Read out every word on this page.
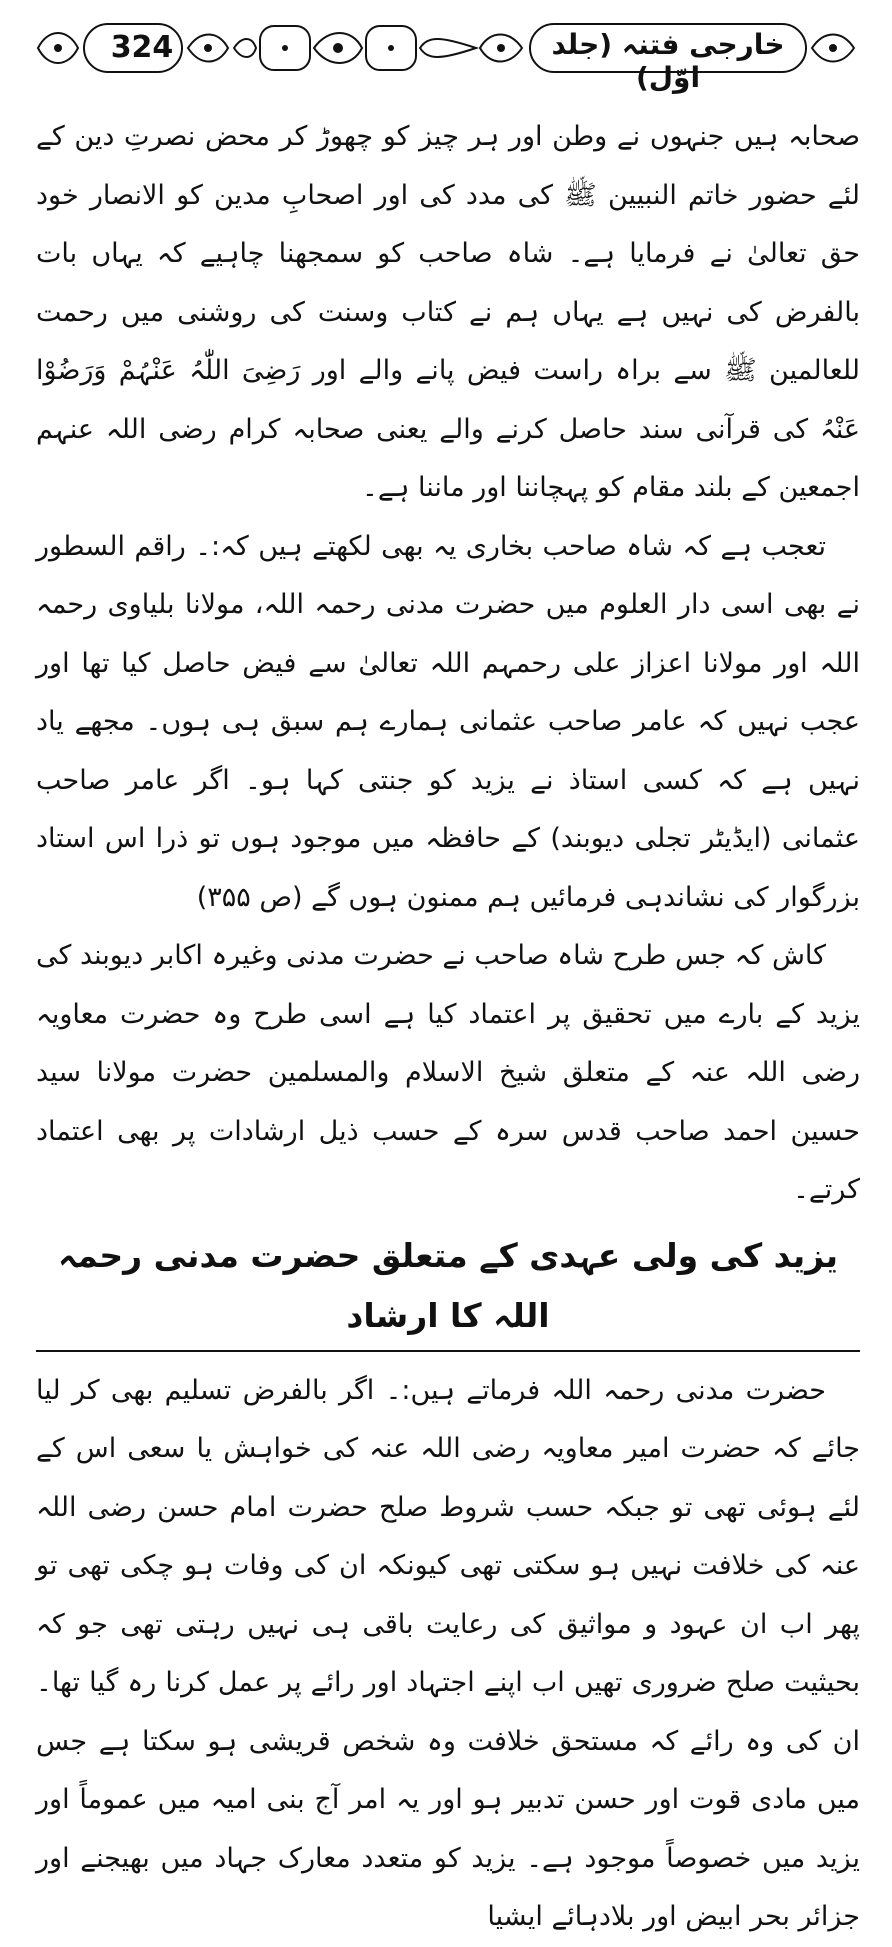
324	خارجی فتنہ (جلد اوّل)

صحابہ ہیں جنہوں نے وطن اور ہر چیز کو چھوڑ کر محض نصرتِ دین کے لئے حضور خاتم النبیین ﷺ کی مدد کی اور اصحابِ مدین کو الانصار خود حق تعالیٰ نے فرمایا ہے۔ شاہ صاحب کو سمجھنا چاہیے کہ یہاں بات بالفرض کی نہیں ہے یہاں ہم نے کتاب وسنت کی روشنی میں رحمت للعالمین ﷺ سے براہ راست فیض پانے والے اور رَضِیَ اللّٰہُ عَنْہُمْ وَرَضُوْا عَنْہُ کی قرآنی سند حاصل کرنے والے یعنی صحابہ کرام رضی اللہ عنہم اجمعین کے بلند مقام کو پہچاننا اور ماننا ہے۔

تعجب ہے کہ شاہ صاحب بخاری یہ بھی لکھتے ہیں کہ:۔ راقم السطور نے بھی اسی دار العلوم میں حضرت مدنی رحمہ اللہ، مولانا بلیاوی رحمہ اللہ اور مولانا اعزاز علی رحمہم اللہ تعالیٰ سے فیض حاصل کیا تھا اور عجب نہیں کہ عامر صاحب عثمانی ہمارے ہم سبق ہی ہوں۔ مجھے یاد نہیں ہے کہ کسی استاذ نے یزید کو جنتی کہا ہو۔ اگر عامر صاحب عثمانی (ایڈیٹر تجلی دیوبند) کے حافظہ میں موجود ہوں تو ذرا اس استاد بزرگوار کی نشاندہی فرمائیں ہم ممنون ہوں گے (ص ۳۵۵)

کاش کہ جس طرح شاہ صاحب نے حضرت مدنی وغیرہ اکابر دیوبند کی یزید کے بارے میں تحقیق پر اعتماد کیا ہے اسی طرح وہ حضرت معاویہ رضی اللہ عنہ کے متعلق شیخ الاسلام والمسلمین حضرت مولانا سید حسین احمد صاحب قدس سرہ کے حسب ذیل ارشادات پر بھی اعتماد کرتے۔

یزید کی ولی عہدی کے متعلق حضرت مدنی رحمہ اللہ کا ارشاد

حضرت مدنی رحمہ اللہ فرماتے ہیں:۔ اگر بالفرض تسلیم بھی کر لیا جائے کہ حضرت امیر معاویہ رضی اللہ عنہ کی خواہش یا سعی اس کے لئے ہوئی تھی تو جبکہ حسب شروط صلح حضرت امام حسن رضی اللہ عنہ کی خلافت نہیں ہو سکتی تھی کیونکہ ان کی وفات ہو چکی تھی تو پھر اب ان عہود و مواثیق کی رعایت باقی ہی نہیں رہتی تھی جو کہ بحیثیت صلح ضروری تھیں اب اپنے اجتہاد اور رائے پر عمل کرنا رہ گیا تھا۔ ان کی وہ رائے کہ مستحق خلافت وہ شخص قریشی ہو سکتا ہے جس میں مادی قوت اور حسن تدبیر ہو اور یہ امر آج بنی امیہ میں عموماً اور یزید میں خصوصاً موجود ہے۔ یزید کو متعدد معارک جہاد میں بھیجنے اور جزائر بحر ابیض اور بلادہائے ایشیا
